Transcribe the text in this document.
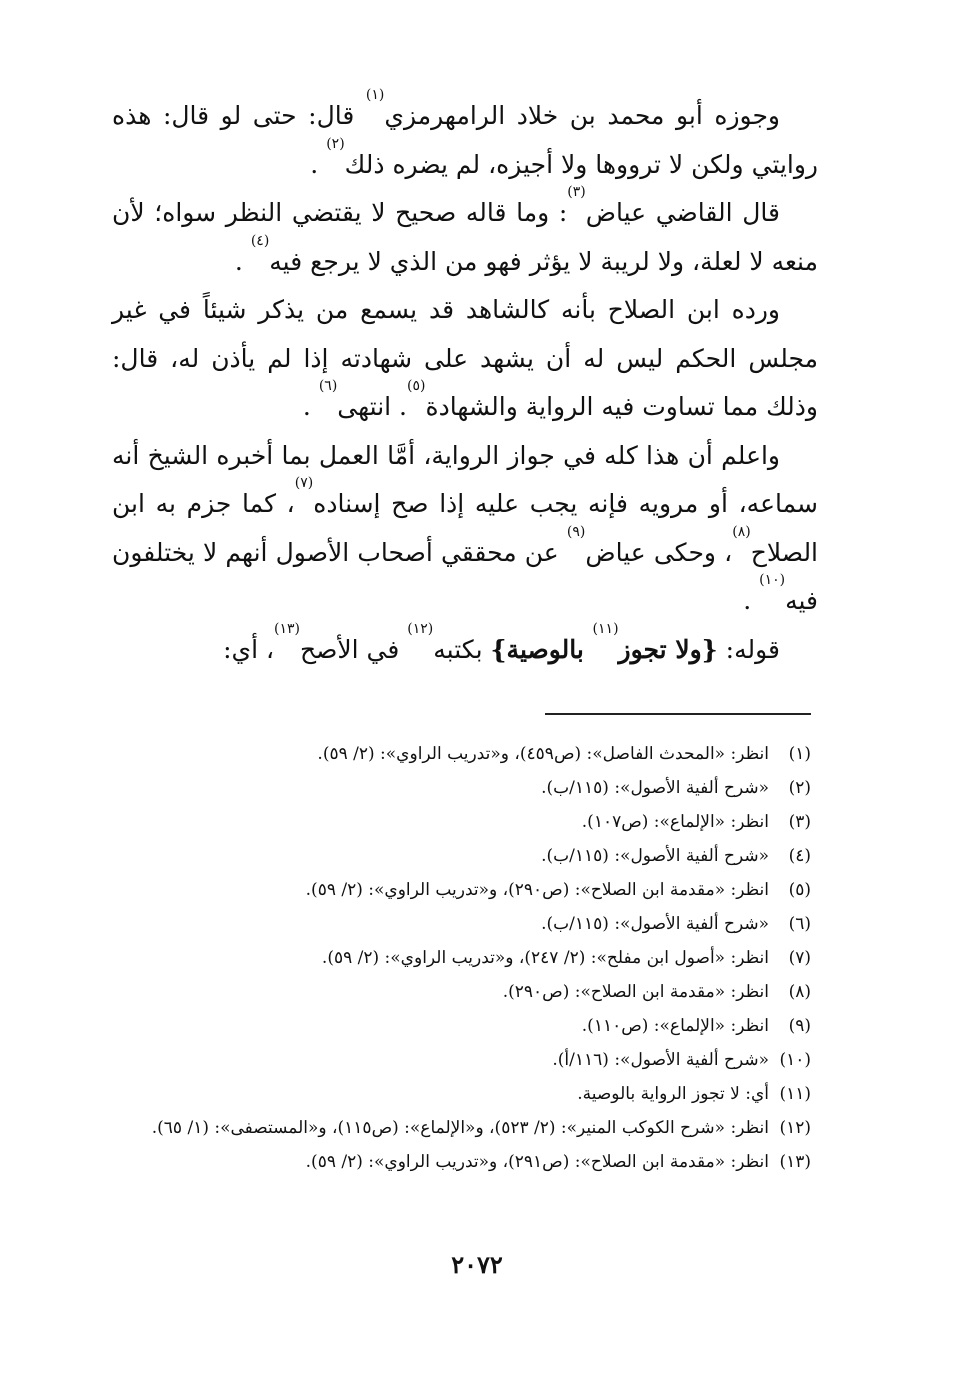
وجوزه أبو محمد بن خلاد الرامهرمزي$^{(١)}$ قال: حتى لو قال: هذه روايتي ولكن لا ترووها ولا أجيزه، لم يضره ذلك$^{(٢)}$ .

قال القاضي عياض$^{(٣)}$: وما قاله صحيح لا يقتضي النظر سواه؛ لأن منعه لا لعلة، ولا لريبة لا يؤثر فهو من الذي لا يرجع فيه$^{(٤)}$ .

ورده ابن الصلاح بأنه كالشاهد قد يسمع من يذكر شيئاً في غير مجلس الحكم ليس له أن يشهد على شهادته إذا لم يأذن له، قال: وذلك مما تساوت فيه الرواية والشهادة$^{(٥)}$. انتهى$^{(٦)}$ .

واعلم أن هذا كله في جواز الرواية، أمَّا العمل بما أخبره الشيخ أنه سماعه، أو مرويه فإنه يجب عليه إذا صح إسناده$^{(٧)}$، كما جزم به ابن الصلاح$^{(٨)}$، وحكى عياض$^{(٩)}$ عن محققي أصحاب الأصول أنهم لا يختلفون فيه$^{(١٠)}$ .

قوله: {ولا تجوز$^{(١١)}$ بالوصية} بكتبه$^{(١٢)}$ في الأصح$^{(١٣)}$، أي:

(١)
انظر: «المحدث الفاصل»: (ص٤٥٩)، و«تدريب الراوي»: (٢/ ٥٩).
(٢)
«شرح ألفية الأصول»: (١١٥/ب).
(٣)
انظر: «الإلماع»: (ص١٠٧).
(٤)
«شرح ألفية الأصول»: (١١٥/ب).
(٥)
انظر: «مقدمة ابن الصلاح»: (ص٢٩٠)، و«تدريب الراوي»: (٢/ ٥٩).
(٦)
«شرح ألفية الأصول»: (١١٥/ب).
(٧)
انظر: «أصول ابن مفلح»: (٢/ ٢٤٧)، و«تدريب الراوي»: (٢/ ٥٩).
(٨)
انظر: «مقدمة ابن الصلاح»: (ص٢٩٠).
(٩)
انظر: «الإلماع»: (ص١١٠).
(١٠)
«شرح ألفية الأصول»: (١١٦/أ).
(١١)
أي: لا تجوز الرواية بالوصية.
(١٢)
انظر: «شرح الكوكب المنير»: (٢/ ٥٢٣)، و«الإلماع»: (ص١١٥)، و«المستصفى»: (١/ ٦٥).
(١٣)
انظر: «مقدمة ابن الصلاح»: (ص٢٩١)، و«تدريب الراوي»: (٢/ ٥٩).
٢٠٧٢
